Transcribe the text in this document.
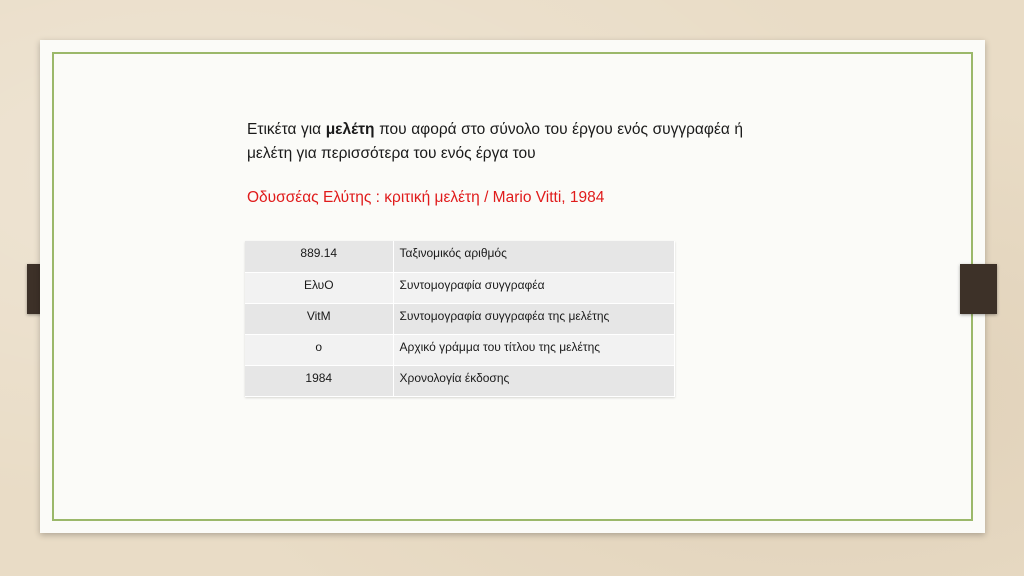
Ετικέτα για μελέτη που αφορά στο σύνολο του έργου ενός συγγραφέα ή μελέτη για περισσότερα του ενός έργα του
Οδυσσέας Ελύτης : κριτική μελέτη / Mario Vitti, 1984
889.14	Ταξινομικός αριθμός
ΕλυΟ	Συντομογραφία συγγραφέα
VitM	Συντομογραφία συγγραφέα της μελέτης
ο	Αρχικό γράμμα του τίτλου της μελέτης
1984	Χρονολογία έκδοσης
